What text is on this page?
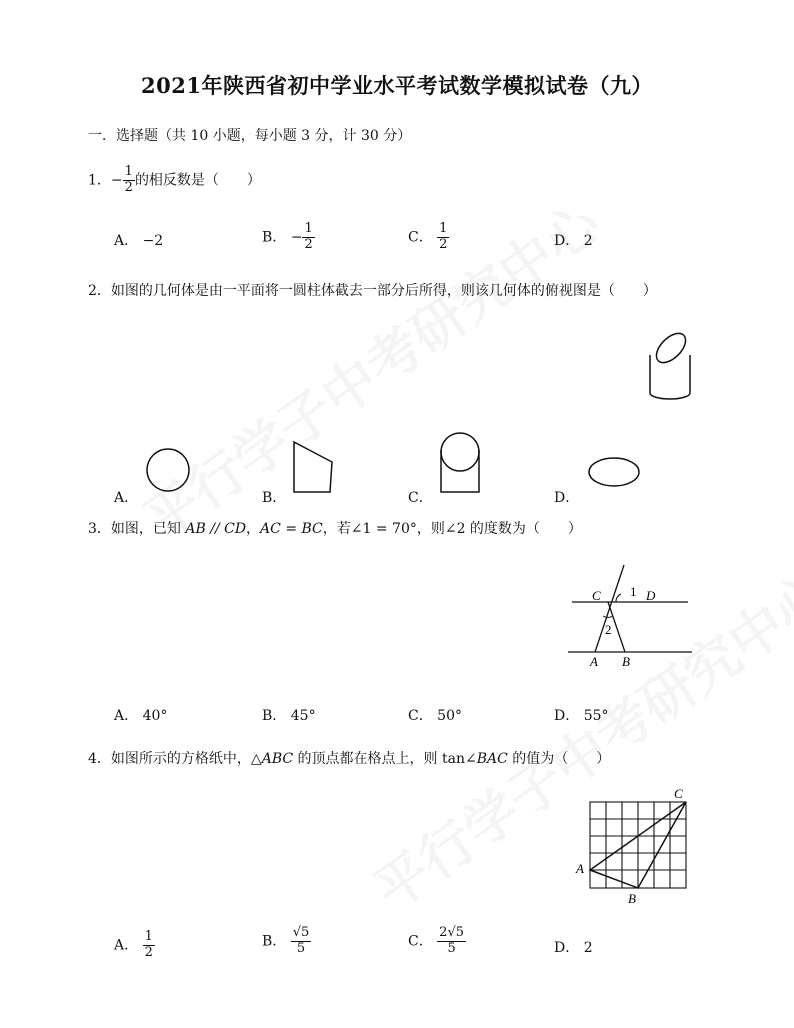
2021年陕西省初中学业水平考试数学模拟试卷（九）
一．选择题（共 10 小题，每小题 3 分，计 30 分）
1．− $\frac{1}{2}$ 的相反数是（　　）
A． −2	B． − $\frac{1}{2}$	C． $\frac{1}{2}$	D． 2
2．如图的几何体是由一平面将一圆柱体截去一部分后所得，则该几何体的俯视图是（　　）
A．	B．	C．	D．
3．如图，已知 AB // CD，AC = BC，若∠1 = 70°，则∠2 的度数为（　　）
C	D
1
2
A B
A． 40°	B． 45°	C． 50°	D． 55°
4．如图所示的方格纸中，△ABC 的顶点都在格点上，则 tan∠BAC 的值为（　　）
A
B
C
A． $\frac{1}{2}$	B． $\frac{√5}{5}$	C． $\frac{2√5}{5}$	D． 2
